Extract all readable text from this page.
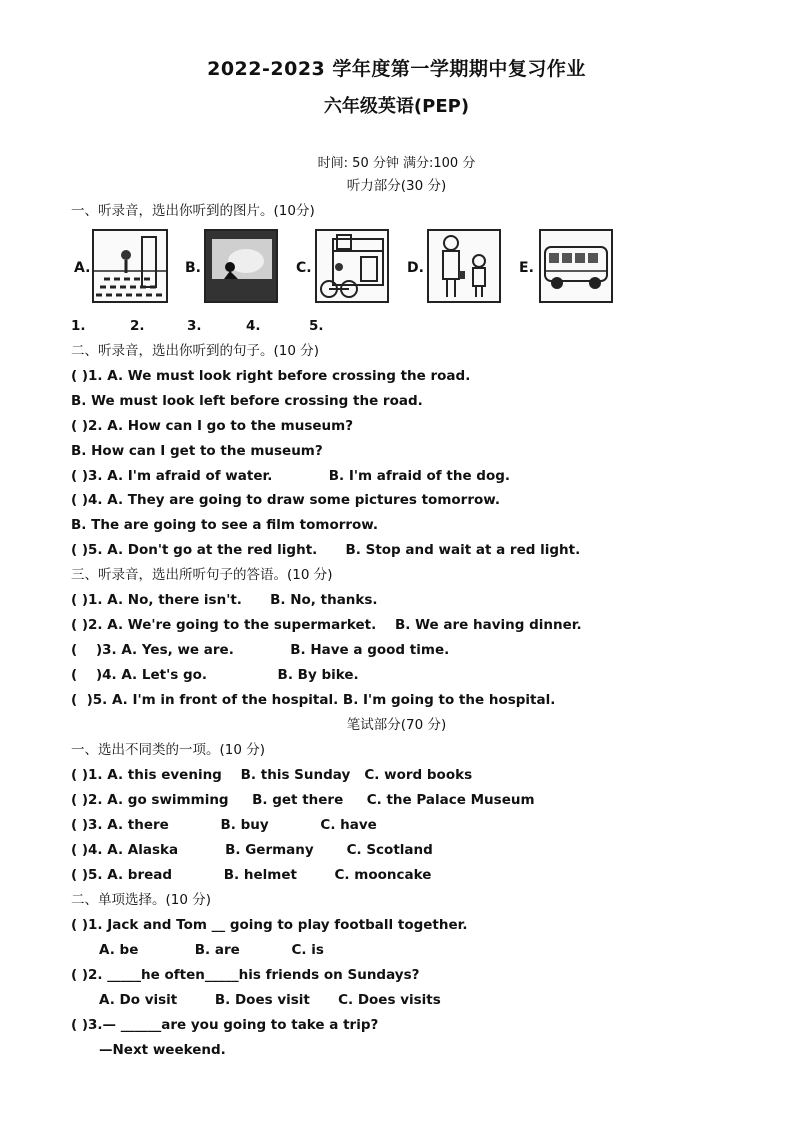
2022-2023 学年度第一学期期中复习作业
六年级英语(PEP)
时间: 50 分钟 满分:100 分
听力部分(30 分)
一、听录音，选出你听到的图片。(10分)
A.	B.	C.	D.	E.
1.	2.	3.	4.	5.
二、听录音，选出你听到的句子。(10 分)
( )1. A. We must look right before crossing the road.
B. We must look left before crossing the road.
( )2. A. How can I go to the museum?
B. How can I get to the museum?
( )3. A. I'm afraid of water.            B. I'm afraid of the dog.
( )4. A. They are going to draw some pictures tomorrow.
B. The are going to see a film tomorrow.
( )5. A. Don't go at the red light.      B. Stop and wait at a red light.
三、听录音，选出所听句子的答语。(10 分)
( )1. A. No, there isn't.      B. No, thanks.
( )2. A. We're going to the supermarket.    B. We are having dinner.
(    )3. A. Yes, we are.            B. Have a good time.
(    )4. A. Let's go.               B. By bike.
(  )5. A. I'm in front of the hospital. B. I'm going to the hospital.
笔试部分(70 分)
一、选出不同类的一项。(10 分)
( )1. A. this evening    B. this Sunday   C. word books
( )2. A. go swimming     B. get there     C. the Palace Museum
( )3. A. there           B. buy           C. have
( )4. A. Alaska          B. Germany       C. Scotland
( )5. A. bread           B. helmet        C. mooncake
二、单项选择。(10 分)
( )1. Jack and Tom __ going to play football together.
A. be            B. are           C. is
( )2. _____he often_____his friends on Sundays?
A. Do visit        B. Does visit      C. Does visits
( )3.— ______are you going to take a trip?
—Next weekend.
